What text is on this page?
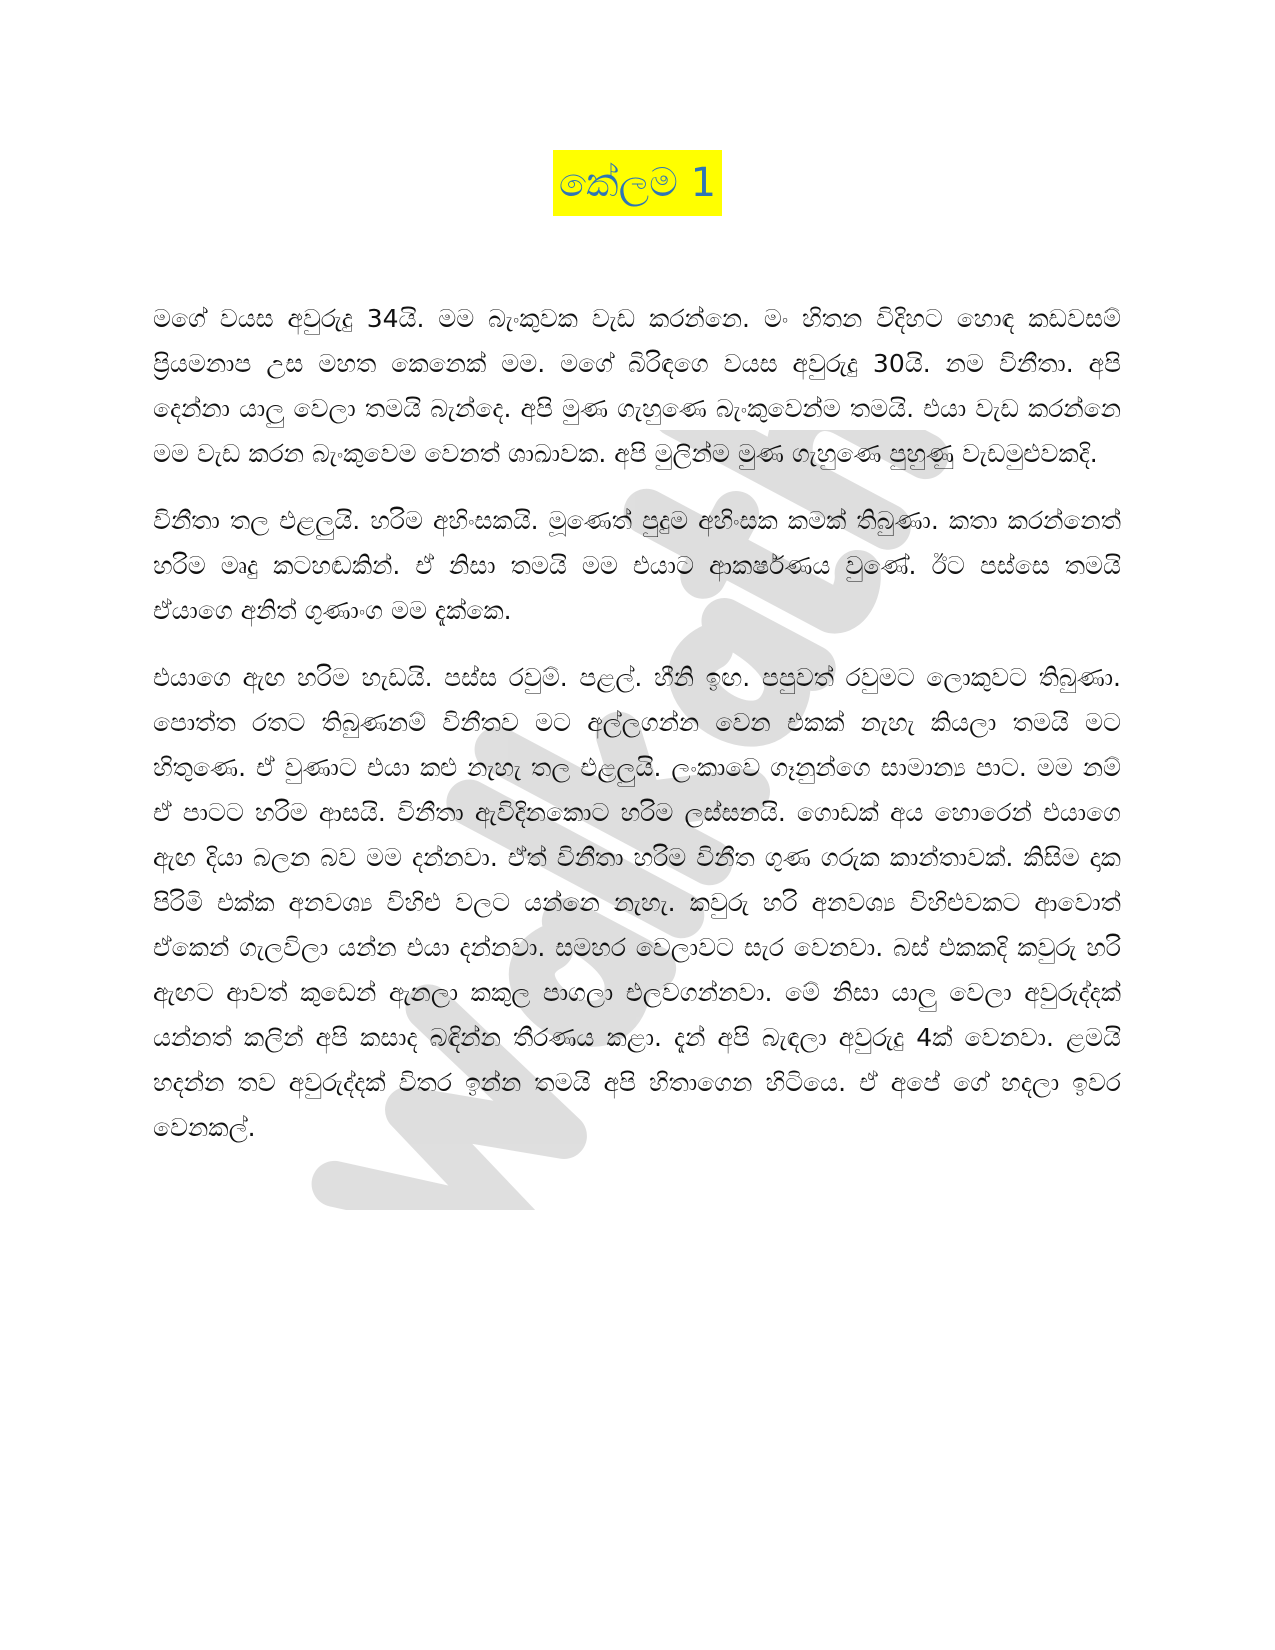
කේලම 1

මගේ වයස අවුරුදු 34යි. මම බැංකුවක වැඩ කරන්නෙ. මං හිතන විදිහට හොඳ කඩවසම් ප්‍රියමනාප උස මහත කෙනෙක් මම. මගේ බිරිඳගෙ වයස අවුරුදු 30යි. නම විනීතා. අපි දෙන්නා යාලු වෙලා තමයි බැන්දෙ. අපි මුණ ගැහුණෙ බැංකුවෙන්ම තමයි. එයා වැඩ කරන්නෙ මම වැඩ කරන බැංකුවෙම වෙනත් ශාඛාවක. අපි මුලින්ම මුණ ගැහුණෙ පුහුණු වැඩමුළුවකදි.

විනීතා තල එළලුයි. හරිම අහිංසකයි. මූණෙත් පුදුම අහිංසක කමක් තිබුණා. කතා කරන්නෙත් හරිම මෘදු කටහඬකින්. ඒ නිසා තමයි මම එයාට ආකර්ෂණය වුණේ. ඊට පස්සෙ තමයි ඒයාගෙ අනිත් ගුණාංග මම දැක්කෙ.

එයාගෙ ඇඟ හරිම හැඩයි. පස්ස රවුම්. පළල්. හීනි ඉඟ. පපුවත් රවුමට ලොකුවට තිබුණා. පොත්ත රතට තිබුණනම් විනීතව මට අල්ලගන්න වෙන එකක් නැහැ කියලා තමයි මට හිතුණෙ. ඒ වුණාට එයා කළු නැහැ තල එළලුයි. ලංකාවෙ ගෑනුන්ගෙ සාමාන්‍ය පාට. මම නම් ඒ පාටට හරිම ආසයි. විනීතා ඇවිදිනකොට හරිම ලස්සනයි. ගොඩක් අය හොරෙන් එයාගෙ ඇඟ දියා බලන බව මම දන්නවා. ඒත් විනීතා හරිම විනීත ගුණ ගරුක කාන්තාවක්. කිසිම දාක පිරිමි එක්ක අනවශ්‍ය විහිළු වලට යන්නෙ නැහැ. කවුරු හරි අනවශ්‍ය විහිළුවකට ආවොත් ඒකෙන් ගැලවිලා යන්න එයා දන්නවා. සමහර වෙලාවට සැර වෙනවා. බස් එකකදි කවුරු හරි ඇඟට ආවත් කුඩෙන් ඇනලා කකුල පාගලා එලවගන්නවා. මේ නිසා යාලු වෙලා අවුරුද්දක් යන්නත් කලින් අපි කසාද බඳින්න තීරණය කළා. දැන් අපි බැඳලා අවුරුදු 4ක් වෙනවා. ළමයි හදන්න තව අවුරුද්දක් විතර ඉන්න තමයි අපි හිතාගෙන හිටියෙ. ඒ අපේ ගේ හදලා ඉවර වෙනකල්.
